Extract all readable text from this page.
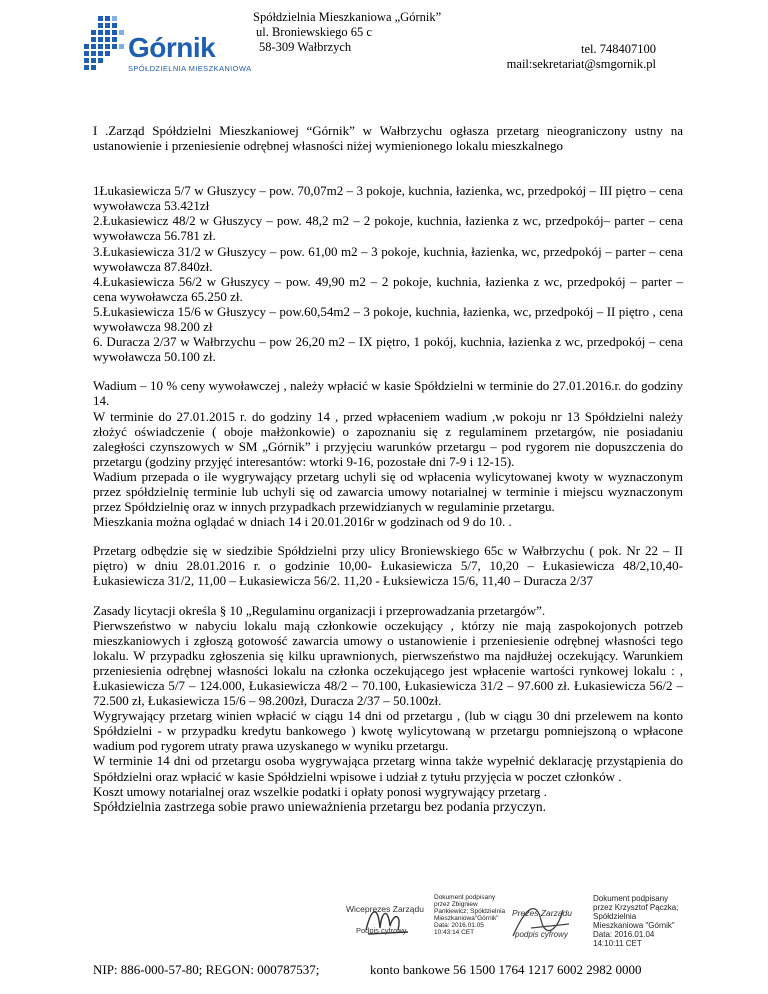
Górnik
SPÓŁDZIELNIA MIESZKANIOWA
Spółdzielnia Mieszkaniowa „Górnik”
ul. Broniewskiego 65 c
58-309 Wałbrzych	tel. 748407100
mail:sekretariat@smgornik.pl

I .Zarząd Spółdzielni Mieszkaniowej “Górnik” w Wałbrzychu ogłasza przetarg nieograniczony ustny na ustanowienie i przeniesienie odrębnej własności niżej wymienionego lokalu mieszkalnego

1Łukasiewicza 5/7 w Głuszycy – pow. 70,07m2 – 3 pokoje, kuchnia, łazienka, wc, przedpokój – III piętro – cena wywoławcza 53.421zł

2.Łukasiewicz 48/2 w Głuszycy – pow. 48,2 m2 – 2 pokoje, kuchnia, łazienka z wc, przedpokój– parter – cena wywoławcza 56.781 zł.

3.Łukasiewicza 31/2 w Głuszycy – pow. 61,00 m2 – 3 pokoje, kuchnia, łazienka, wc, przedpokój – parter – cena wywoławcza 87.840zł.

4.Łukasiewicza 56/2 w Głuszycy – pow. 49,90 m2 – 2 pokoje, kuchnia, łazienka z wc, przedpokój – parter – cena wywoławcza 65.250 zł.

5.Łukasiewicza 15/6 w Głuszycy – pow.60,54m2 – 3 pokoje, kuchnia, łazienka, wc, przedpokój – II piętro , cena wywoławcza 98.200 zł

6. Duracza 2/37 w Wałbrzychu – pow 26,20 m2 – IX piętro, 1 pokój, kuchnia, łazienka z wc, przedpokój – cena wywoławcza 50.100 zł.

Wadium – 10 % ceny wywoławczej , należy wpłacić w kasie Spółdzielni w terminie do 27.01.2016.r. do godziny 14.

W terminie do 27.01.2015 r. do godziny 14 , przed wpłaceniem wadium ,w pokoju nr 13 Spółdzielni należy złożyć oświadczenie ( oboje małżonkowie) o zapoznaniu się z regulaminem przetargów, nie posiadaniu zaległości czynszowych w SM „Górnik” i przyjęciu warunków przetargu – pod rygorem nie dopuszczenia do przetargu (godziny przyjęć interesantów: wtorki 9-16, pozostałe dni 7-9 i 12-15).

Wadium przepada o ile wygrywający przetarg uchyli się od wpłacenia wylicytowanej kwoty w wyznaczonym przez spółdzielnię terminie lub uchyli się od zawarcia umowy notarialnej w terminie i miejscu wyznaczonym przez Spółdzielnię oraz w innych przypadkach przewidzianych w regulaminie przetargu.

Mieszkania można oglądać w dniach 14 i 20.01.2016r w godzinach od 9 do 10. .

Przetarg odbędzie się w siedzibie Spółdzielni przy ulicy Broniewskiego 65c w Wałbrzychu ( pok. Nr 22 – II piętro) w dniu 28.01.2016 r. o godzinie 10,00- Łukasiewicza 5/7, 10,20 – Łukasiewicza 48/2,10,40- Łukasiewicza 31/2, 11,00 – Łukasiewicza 56/2. 11,20 - Łuksiewicza 15/6, 11,40 – Duracza 2/37

Zasady licytacji określa § 10 „Regulaminu organizacji i przeprowadzania przetargów”.

Pierwszeństwo w nabyciu lokalu mają członkowie oczekujący , którzy nie mają zaspokojonych potrzeb mieszkaniowych i zgłoszą gotowość zawarcia umowy o ustanowienie i przeniesienie odrębnej własności tego lokalu. W przypadku zgłoszenia się kilku uprawnionych, pierwszeństwo ma najdłużej oczekujący. Warunkiem przeniesienia odrębnej własności lokalu na członka oczekującego jest wpłacenie wartości rynkowej lokalu : , Łukasiewicza 5/7 – 124.000, Łukasiewicza 48/2 – 70.100, Łukasiewicza 31/2 – 97.600 zł. Łukasiewicza 56/2 – 72.500 zł, Łukasiewicza 15/6 – 98.200zł, Duracza 2/37 – 50.100zł.

Wygrywający przetarg winien wpłacić w ciągu 14 dni od przetargu , (lub w ciągu 30 dni przelewem na konto Spółdzielni - w przypadku kredytu bankowego ) kwotę wylicytowaną w przetargu pomniejszoną o wpłacone wadium pod rygorem utraty prawa uzyskanego w wyniku przetargu.

W terminie 14 dni od przetargu osoba wygrywająca przetarg winna także wypełnić deklarację przystąpienia do Spółdzielni oraz wpłacić w kasie Spółdzielni wpisowe i udział z tytułu przyjęcia w poczet członków .

Koszt umowy notarialnej oraz wszelkie podatki i opłaty ponosi wygrywający przetarg .

Spółdzielnia zastrzega sobie prawo unieważnienia przetargu bez podania przyczyn.

Wiceprezes Zarządu
Podpis cyfrowy
Dokument podpisany
przez Zbigniew
Pankiewicz; Spółdzielnia
Mieszkaniowa"Górnik"
Data: 2016.01.05
10:43:14 CET
Prezes Zarządu
podpis cyfrowy
Dokument podpisany
przez Krzysztof Pączka;
Spółdzielnia
Mieszkaniowa "Górnik"
Data: 2016.01.04
14:10:11 CET
NIP: 886-000-57-80; REGON: 000787537;	konto bankowe 56 1500 1764 1217 6002 2982 0000
